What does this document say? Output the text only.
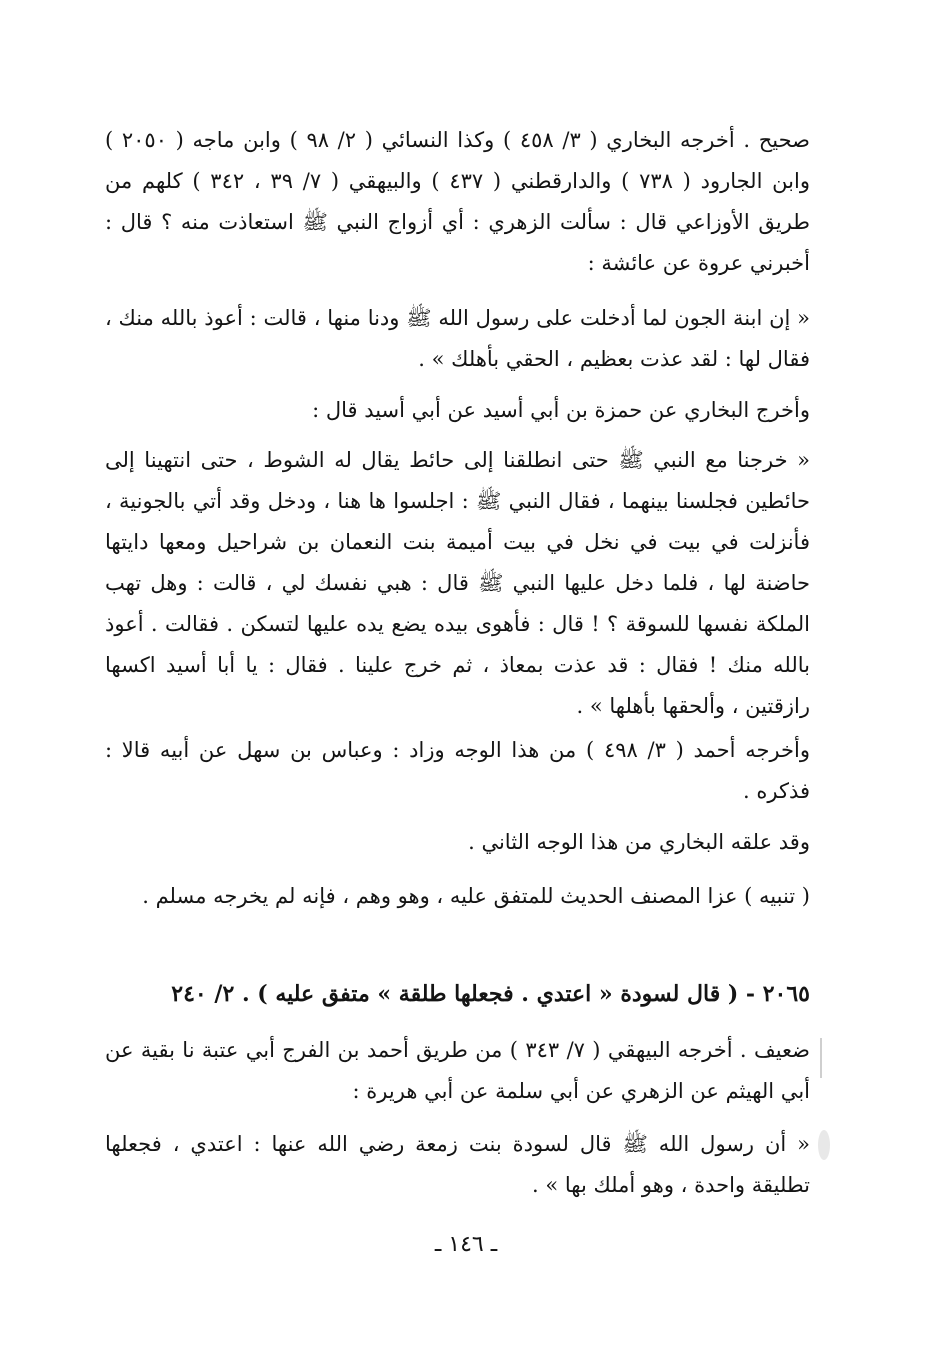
صحيح . أخرجه البخاري ( ٣/ ٤٥٨ ) وكذا النسائي ( ٢/ ٩٨ ) وابن ماجه ( ٢٠٥٠ ) وابن الجارود ( ٧٣٨ ) والدارقطني ( ٤٣٧ ) والبيهقي ( ٧/ ٣٩ ، ٣٤٢ ) كلهم من طريق الأوزاعي قال : سألت الزهري : أي أزواج النبي ﷺ استعاذت منه ؟ قال : أخبرني عروة عن عائشة :

« إن ابنة الجون لما أدخلت على رسول الله ﷺ ودنا منها ، قالت : أعوذ بالله منك ، فقال لها : لقد عذت بعظيم ، الحقي بأهلك » .

وأخرج البخاري عن حمزة بن أبي أسيد عن أبي أسيد قال :

« خرجنا مع النبي ﷺ حتى انطلقنا إلى حائط يقال له الشوط ، حتى انتهينا إلى حائطين فجلسنا بينهما ، فقال النبي ﷺ : اجلسوا ها هنا ، ودخل وقد أتي بالجونية ، فأنزلت في بيت في نخل في بيت أميمة بنت النعمان بن شراحيل ومعها دايتها حاضنة لها ، فلما دخل عليها النبي ﷺ قال : هبي نفسك لي ، قالت : وهل تهب الملكة نفسها للسوقة ؟ ! قال : فأهوى بيده يضع يده عليها لتسكن . فقالت . أعوذ بالله منك ! فقال : قد عذت بمعاذ ، ثم خرج علينا . فقال : يا أبا أسيد اكسها رازقتين ، وألحقها بأهلها » .

وأخرجه أحمد ( ٣/ ٤٩٨ ) من هذا الوجه وزاد : وعباس بن سهل عن أبيه قالا : فذكره .

وقد علقه البخاري من هذا الوجه الثاني .

( تنبيه ) عزا المصنف الحديث للمتفق عليه ، وهو وهم ، فإنه لم يخرجه مسلم .

٢٠٦٥ - ( قال لسودة « اعتدي . فجعلها طلقة » متفق عليه ) . ٢/ ٢٤٠

ضعيف . أخرجه البيهقي ( ٧/ ٣٤٣ ) من طريق أحمد بن الفرج أبي عتبة نا بقية عن أبي الهيثم عن الزهري عن أبي سلمة عن أبي هريرة :

« أن رسول الله ﷺ قال لسودة بنت زمعة رضي الله عنها : اعتدي ، فجعلها تطليقة واحدة ، وهو أملك بها » .

ـ ١٤٦ ـ
